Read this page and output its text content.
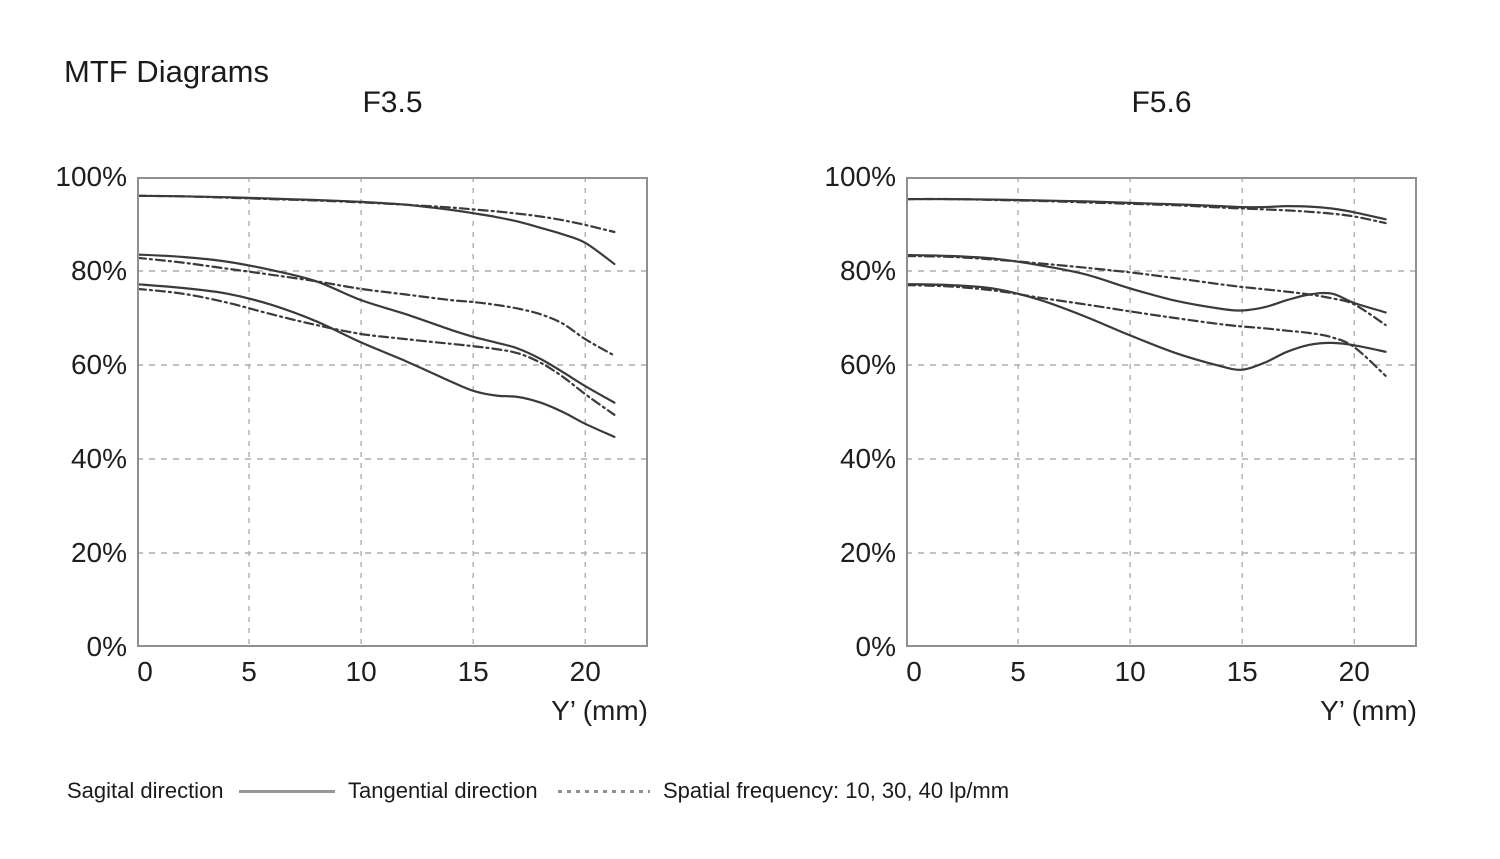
MTF Diagrams
F3.5	F5.6
Y’ (mm)	Y’ (mm)
Sagital direction	Tangential direction	Spatial frequency: 10, 30, 40 lp/mm
0%
20%
40%
60%
80%
100%
0	5	10	15	20
0%
20%
40%
60%
80%
100%
0	5	10	15	20
